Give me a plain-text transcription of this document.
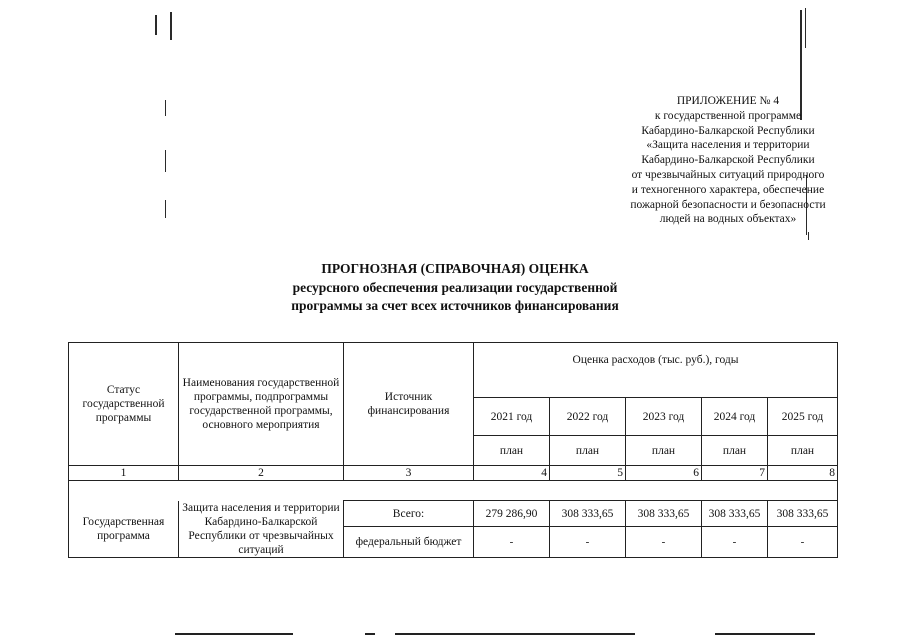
ПРИЛОЖЕНИЕ № 4
к государственной программе
Кабардино-Балкарской Республики
«Защита населения и территории
Кабардино-Балкарской Республики
от чрезвычайных ситуаций природного
и техногенного характера, обеспечение
пожарной безопасности и безопасности
людей на водных объектах»
ПРОГНОЗНАЯ (СПРАВОЧНАЯ) ОЦЕНКА
ресурсного обеспечения реализации государственной
программы за счет всех источников финансирования
Статус государственной программы	Наименования государственной программы, подпрограммы государственной программы, основного мероприятия	Источник финансирования	Оценка расходов (тыс. руб.), годы				
			2021 год	2022 год	2023 год	2024 год	2025 год
			план	план	план	план	план
1	2	3	4	5	6	7	8

Государственная программа	Защита населения и территории Кабардино-Балкарской Республики от чрезвычайных ситуаций	Всего:	279 286,90	308 333,65	308 333,65	308 333,65	308 333,65
		федеральный бюджет	-	-	-	-	-
